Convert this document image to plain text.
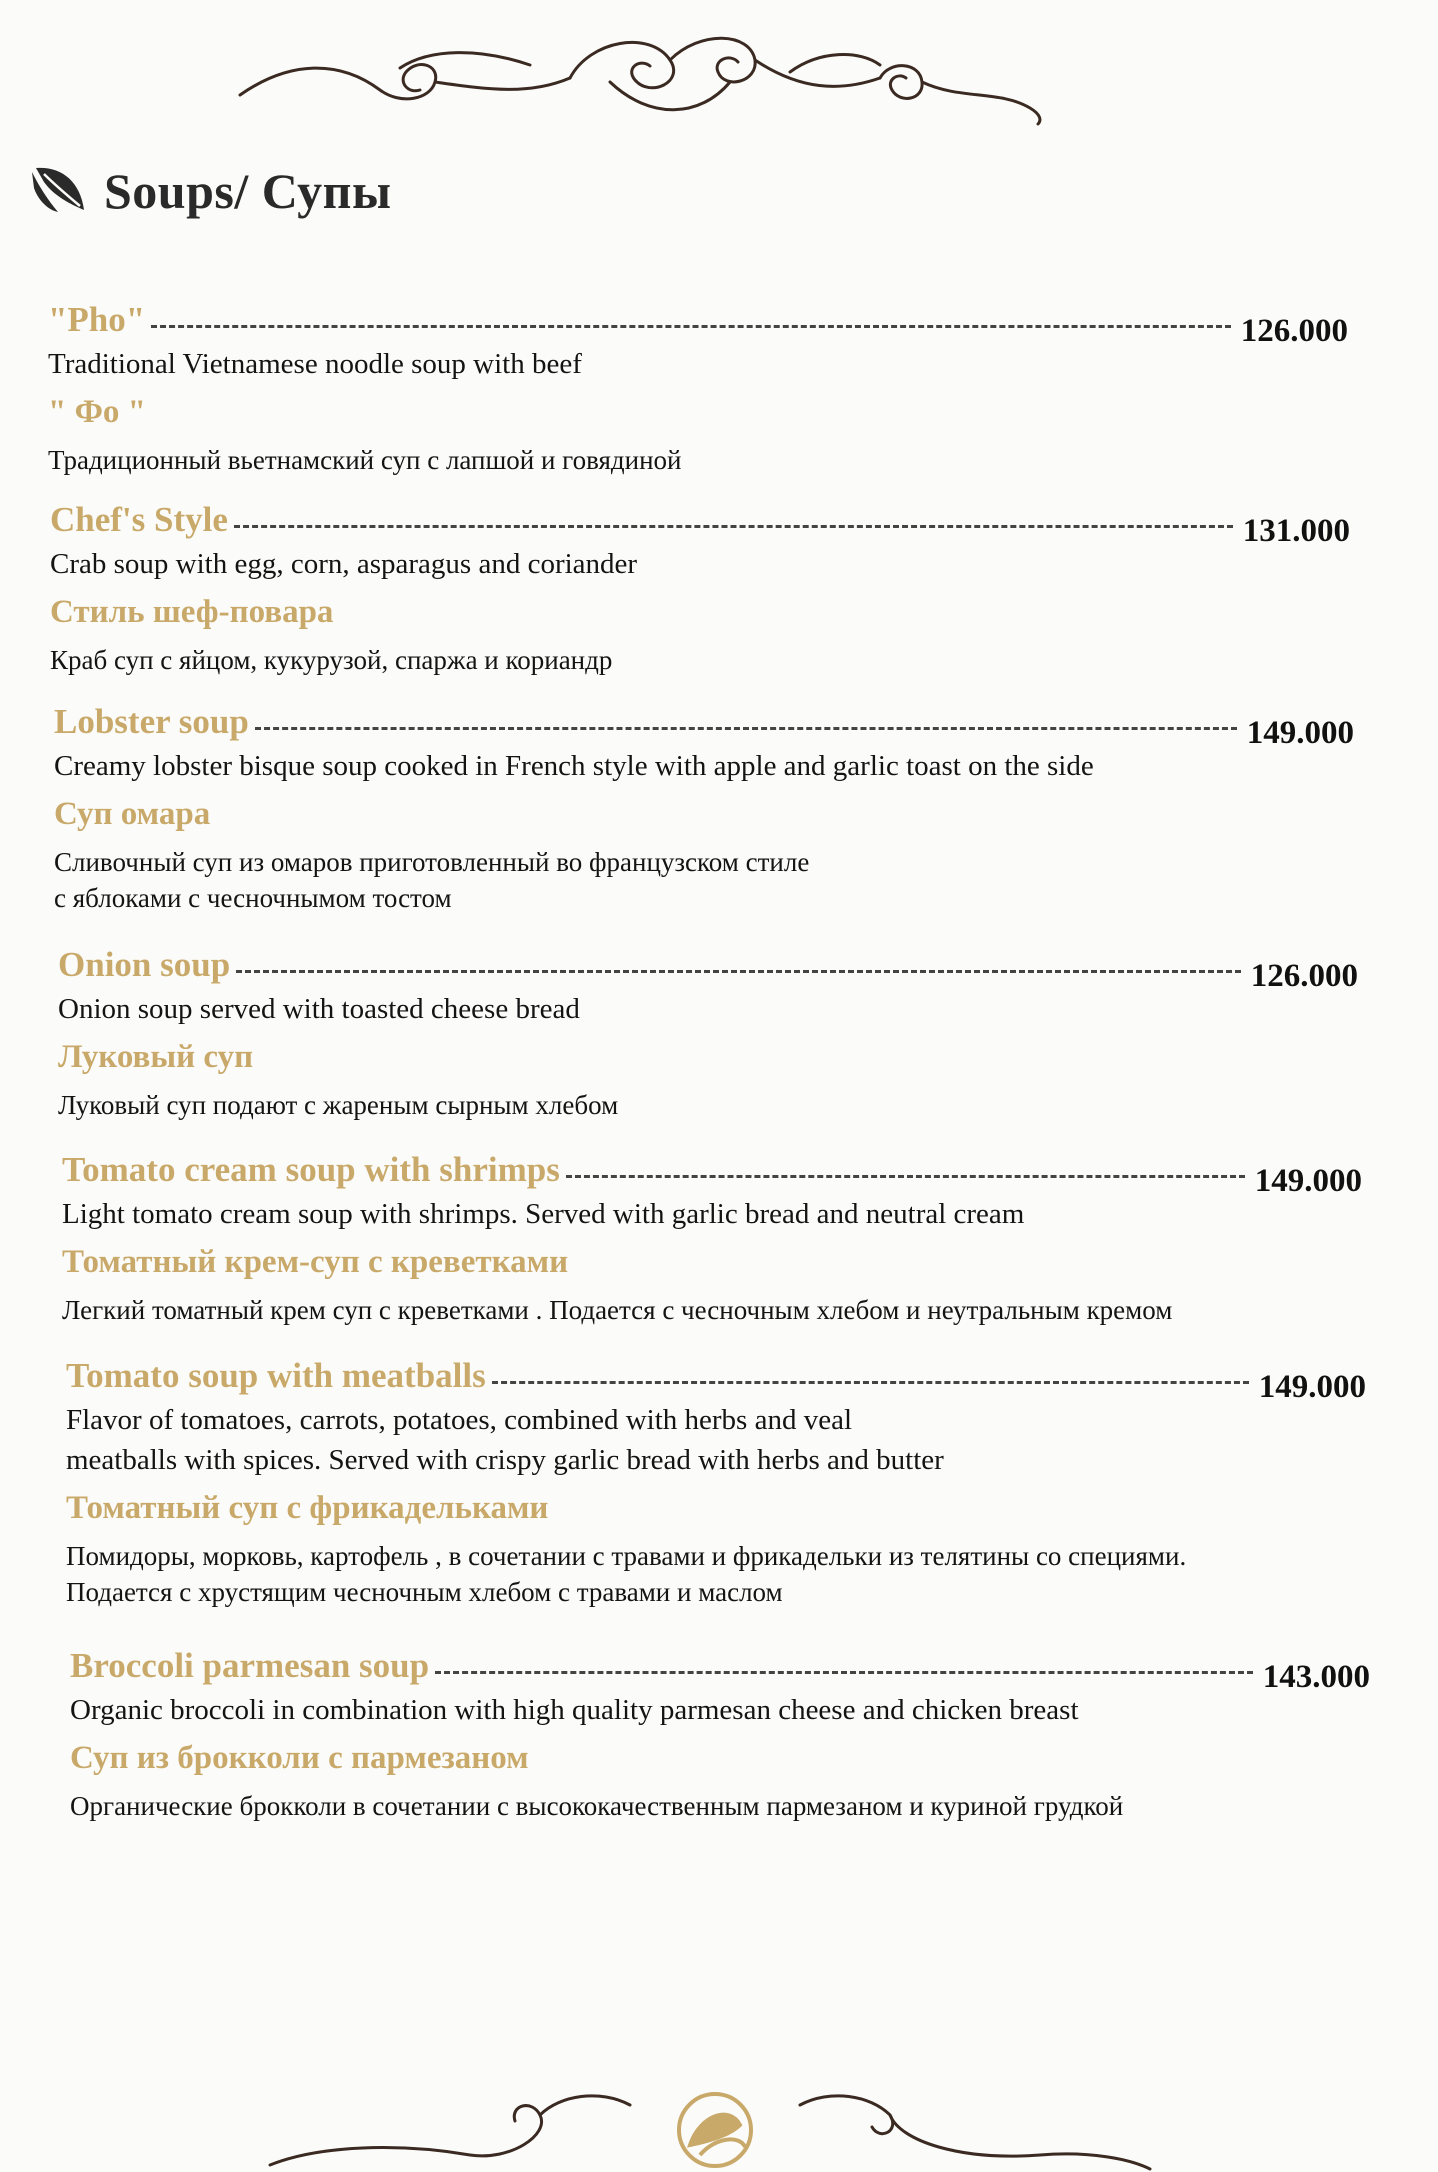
Soups/ Супы
"Pho"	126.000
Traditional Vietnamese noodle soup with beef
" Фо "
Традиционный вьетнамский суп с лапшой и говядиной
Chef's Style	131.000
Crab soup with egg, corn, asparagus and coriander
Стиль шеф-повара
Краб суп с яйцом, кукурузой, спаржа и кориандр
Lobster soup	149.000
Creamy lobster bisque soup cooked in French style with apple and garlic toast on the side
Суп омара
Сливочный суп из омаров приготовленный во французском стиле
с яблоками с чесночнымом тостом
Onion soup	126.000
Onion soup served with toasted cheese bread
Луковый суп
Луковый суп подают с жареным сырным хлебом
Tomato cream soup with shrimps	149.000
Light tomato cream soup with shrimps. Served with garlic bread and neutral cream
Томатный крем-суп с креветками
Легкий томатный крем суп с креветками . Подается с чесночным хлебом и неутральным кремом
Tomato soup with meatballs	149.000
Flavor of tomatoes, carrots, potatoes, combined with herbs and veal
meatballs with spices. Served with crispy garlic bread with herbs and butter
Томатный суп с фрикадельками
Помидоры, морковь, картофель , в сочетании с травами и фрикадельки из телятины со специями.
Подается с хрустящим чесночным хлебом с травами и маслом
Broccoli parmesan soup	143.000
Organic broccoli in combination with high quality parmesan cheese and chicken breast
Суп из брокколи с пармезаном
Органические брокколи в сочетании с высококачественным пармезаном и куриной грудкой
